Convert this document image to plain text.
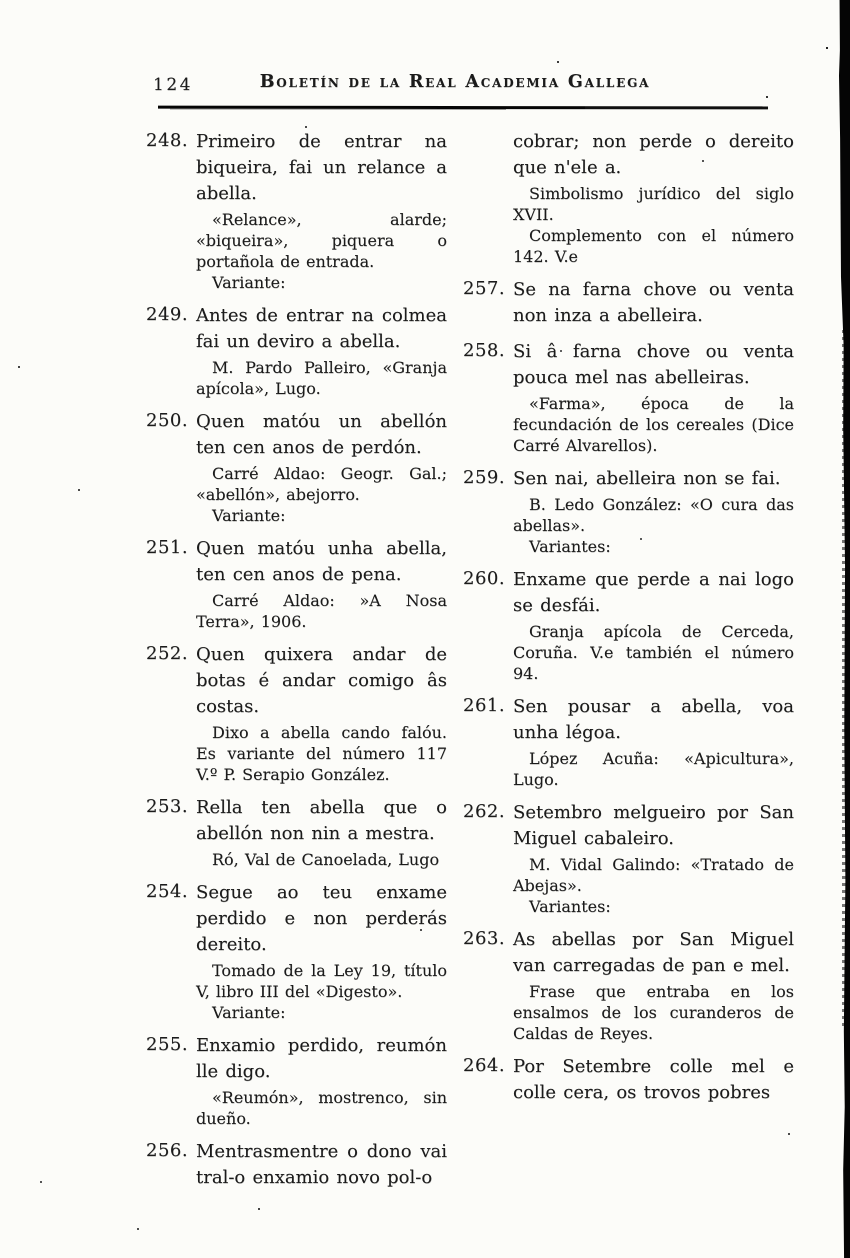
124	Boletín de la Real Academia Gallega
248. Primeiro de entrar na biqueira, fai un relance a abella.

«Relance», alarde; «biqueira», piquera o portañola de entrada.

Variante:

249. Antes de entrar na colmea fai un deviro a abella.

M. Pardo Palleiro, «Granja apícola», Lugo.

250. Quen matóu un abellón ten cen anos de perdón.

Carré Aldao: Geogr. Gal.; «abellón», abejorro.

Variante:

251. Quen matóu unha abella, ten cen anos de pena.

Carré Aldao: »A Nosa Terra», 1906.

252. Quen quixera andar de botas é andar comigo âs costas.

Dixo a abella cando falóu. Es variante del número 117 V.º P. Serapio González.

253. Rella ten abella que o abellón non nin a mestra.

Ró, Val de Canoelada, Lugo

254. Segue ao teu enxame perdido e non perderás dereito.

Tomado de la Ley 19, título V, libro III del «Digesto».

Variante:

255. Enxamio perdido, reumón lle digo.

«Reumón», mostrenco, sin dueño.

256. Mentrasmentre o dono vai tral-o enxamio novo pol-o

cobrar; non perde o dereito que n'ele a.

Simbolismo jurídico del siglo XVII.

Complemento con el número 142. V.e

257. Se na farna chove ou venta non inza a abelleira.

258. Si â farna chove ou venta pouca mel nas abelleiras.

«Farma», época de la fecundación de los cereales (Dice Carré Alvarellos).

259. Sen nai, abelleira non se fai.

B. Ledo González: «O cura das abellas».

Variantes:

260. Enxame que perde a nai logo se desfái.

Granja apícola de Cerceda, Coruña. V.e también el número 94.

261. Sen pousar a abella, voa unha légoa.

López Acuña: «Apicultura», Lugo.

262. Setembro melgueiro por San Miguel cabaleiro.

M. Vidal Galindo: «Tratado de Abejas».

Variantes:

263. As abellas por San Miguel van carregadas de pan e mel.

Frase que entraba en los ensalmos de los curanderos de Caldas de Reyes.

264. Por Setembre colle mel e colle cera, os trovos pobres
